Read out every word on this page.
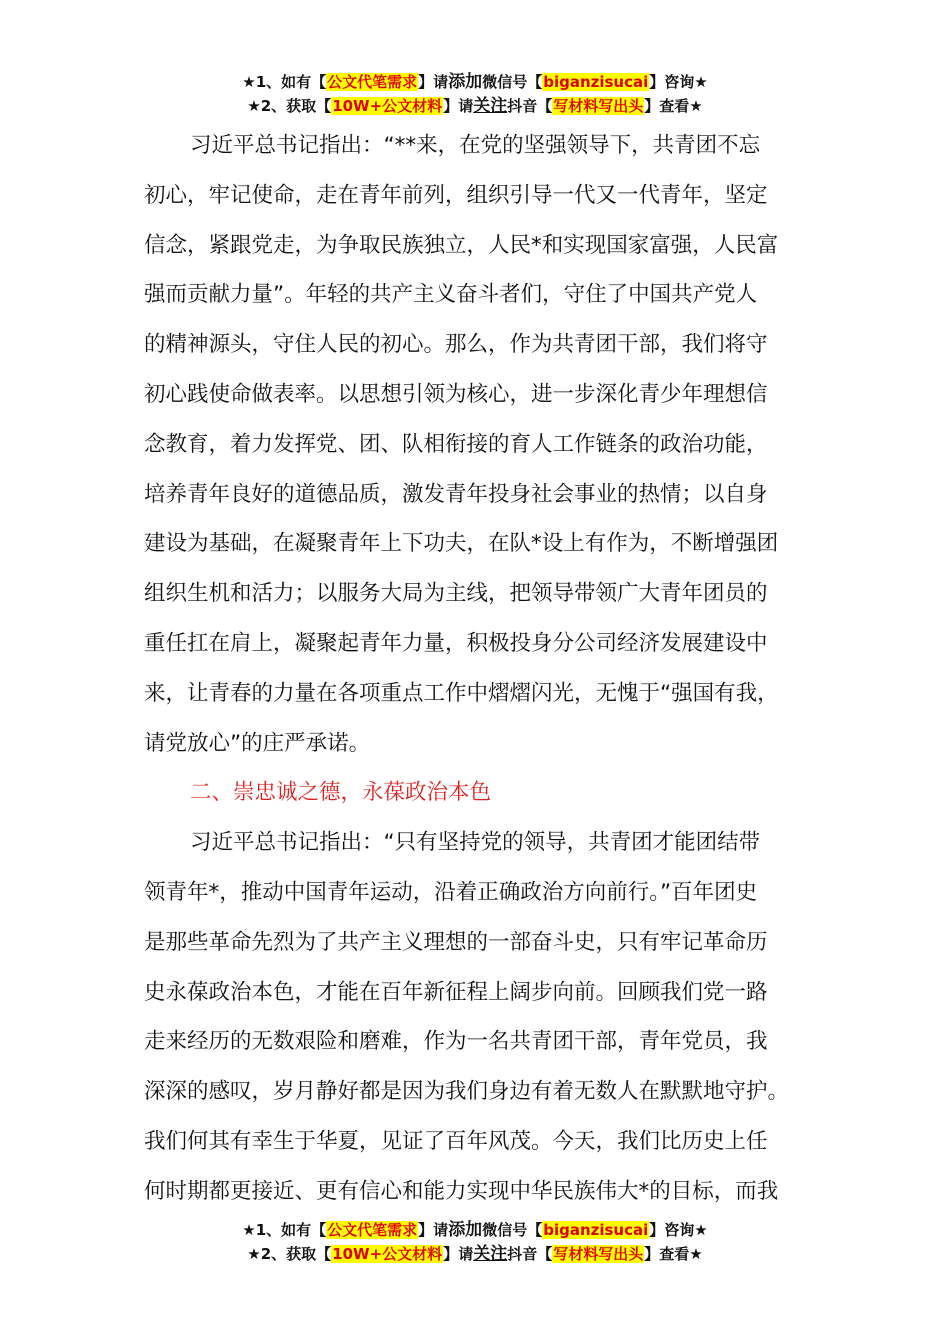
★1、如有【公文代笔需求】请添加微信号【biganzisucai】咨询★
★2、获取【10W+公文材料】请关注抖音【写材料写出头】查看★
习近平总书记指出：“**来，在党的坚强领导下，共青团不忘
初心，牢记使命，走在青年前列，组织引导一代又一代青年，坚定
信念，紧跟党走，为争取民族独立，人民*和实现国家富强，人民富
强而贡献力量”。年轻的共产主义奋斗者们，守住了中国共产党人
的精神源头，守住人民的初心。那么，作为共青团干部，我们将守
初心践使命做表率。以思想引领为核心，进一步深化青少年理想信
念教育，着力发挥党、团、队相衔接的育人工作链条的政治功能，
培养青年良好的道德品质，激发青年投身社会事业的热情；以自身
建设为基础，在凝聚青年上下功夫，在队*设上有作为，不断增强团
组织生机和活力；以服务大局为主线，把领导带领广大青年团员的
重任扛在肩上，凝聚起青年力量，积极投身分公司经济发展建设中
来，让青春的力量在各项重点工作中熠熠闪光，无愧于“强国有我，
请党放心”的庄严承诺。
二、崇忠诚之德，永葆政治本色
习近平总书记指出：“只有坚持党的领导，共青团才能团结带
领青年*，推动中国青年运动，沿着正确政治方向前行。”百年团史
是那些革命先烈为了共产主义理想的一部奋斗史，只有牢记革命历
史永葆政治本色，才能在百年新征程上阔步向前。回顾我们党一路
走来经历的无数艰险和磨难，作为一名共青团干部，青年党员，我
深深的感叹，岁月静好都是因为我们身边有着无数人在默默地守护。
我们何其有幸生于华夏，见证了百年风茂。今天，我们比历史上任
何时期都更接近、更有信心和能力实现中华民族伟大*的目标，而我
★1、如有【公文代笔需求】请添加微信号【biganzisucai】咨询★
★2、获取【10W+公文材料】请关注抖音【写材料写出头】查看★
